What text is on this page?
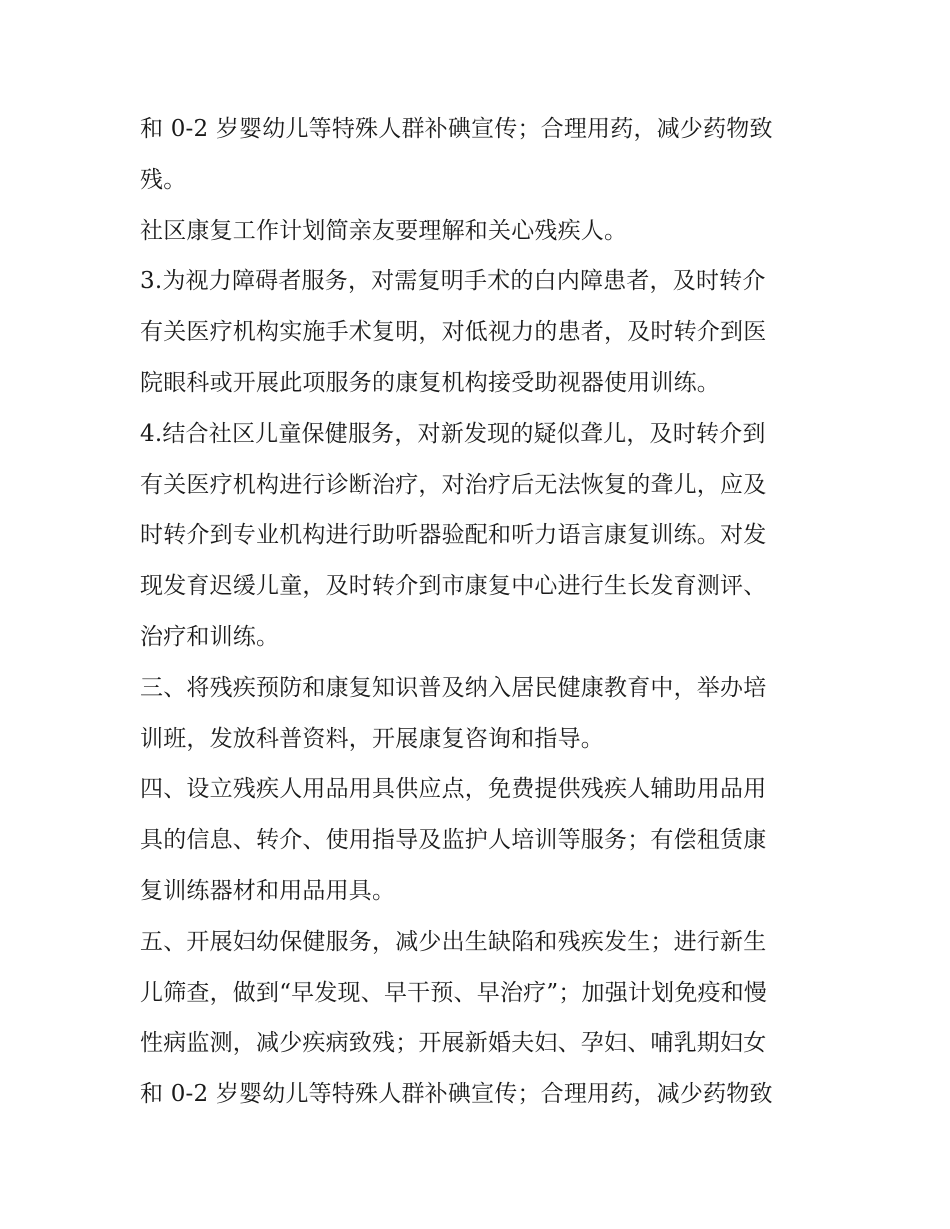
和 0-2 岁婴幼儿等特殊人群补碘宣传；合理用药，减少药物致
残。
社区康复工作计划简亲友要理解和关心残疾人。
3.为视力障碍者服务，对需复明手术的白内障患者，及时转介
有关医疗机构实施手术复明，对低视力的患者，及时转介到医
院眼科或开展此项服务的康复机构接受助视器使用训练。
4.结合社区儿童保健服务，对新发现的疑似聋儿，及时转介到
有关医疗机构进行诊断治疗，对治疗后无法恢复的聋儿，应及
时转介到专业机构进行助听器验配和听力语言康复训练。对发
现发育迟缓儿童，及时转介到市康复中心进行生长发育测评、
治疗和训练。
三、将残疾预防和康复知识普及纳入居民健康教育中，举办培
训班，发放科普资料，开展康复咨询和指导。
四、设立残疾人用品用具供应点，免费提供残疾人辅助用品用
具的信息、转介、使用指导及监护人培训等服务；有偿租赁康
复训练器材和用品用具。
五、开展妇幼保健服务，减少出生缺陷和残疾发生；进行新生
儿筛查，做到“早发现、早干预、早治疗”；加强计划免疫和慢
性病监测，减少疾病致残；开展新婚夫妇、孕妇、哺乳期妇女
和 0-2 岁婴幼儿等特殊人群补碘宣传；合理用药，减少药物致
